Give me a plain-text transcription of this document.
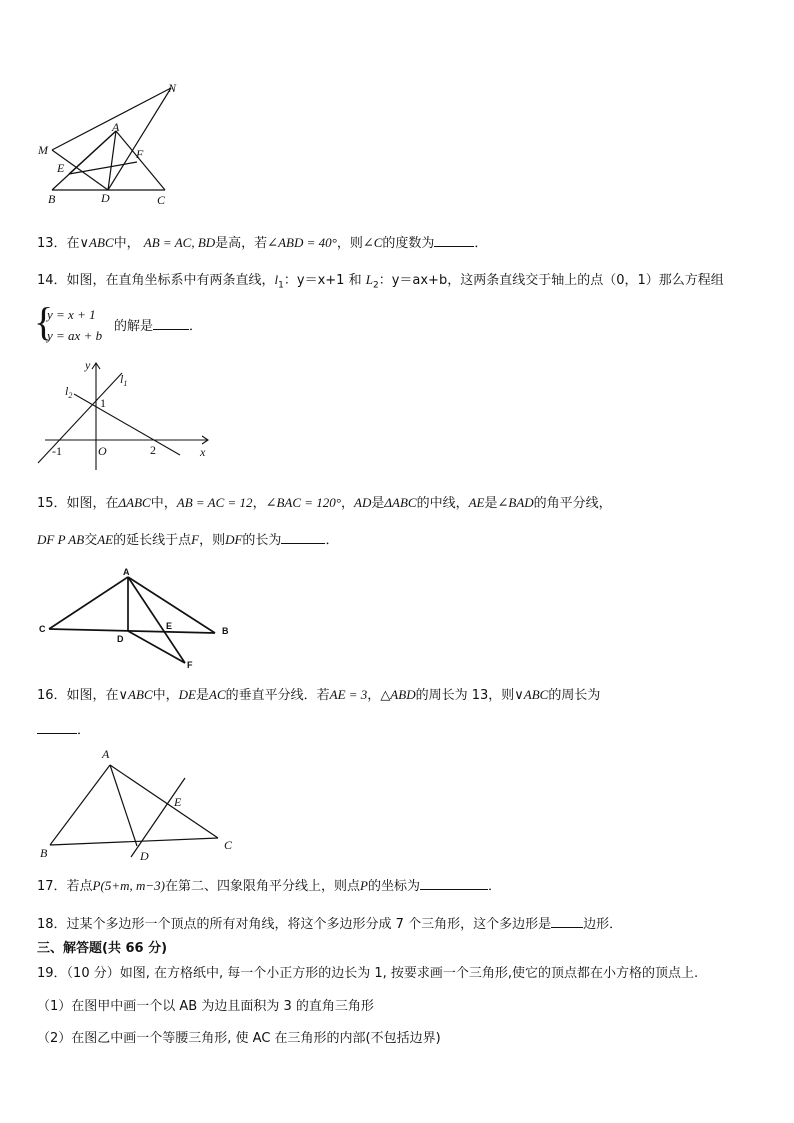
N
M
A
E
F
B	D	C
13．在∨ABC中， AB = AC, BD是高，若∠ABD = 40°，则∠C的度数为	．
14．如图，在直角坐标系中有两条直线，$l_1$：y＝x+1 和 $L_2$：y＝ax+b，这两条直线交于轴上的点（0，1）那么方程组
{
y = x + 1
y = ax + b
的解是	．
y
$l_1$
$l_2$
1
-1	O	2	x
15．如图，在ΔABC中，AB = AC = 12，∠BAC = 120°，AD是ΔABC的中线，AE是∠BAD的角平分线，
DF P AB交AE的延长线于点F，则DF的长为	．
A
C
D
E	B
F
16．如图，在∨ABC中，DE是AC的垂直平分线．若AE = 3，△ABD的周长为 13，则∨ABC的周长为
．
A
E
B	D
C
17．若点P(5+m, m−3)在第二、四象限角平分线上，则点P的坐标为	．
18．过某个多边形一个顶点的所有对角线，将这个多边形分成 7 个三角形，这个多边形是 边形．
三、解答题(共 66 分)
19．（10 分）如图, 在方格纸中, 每一个小正方形的边长为 1, 按要求画一个三角形,使它的顶点都在小方格的顶点上.
（1）在图甲中画一个以 AB 为边且面积为 3 的直角三角形
（2）在图乙中画一个等腰三角形, 使 AC 在三角形的内部(不包括边界)
